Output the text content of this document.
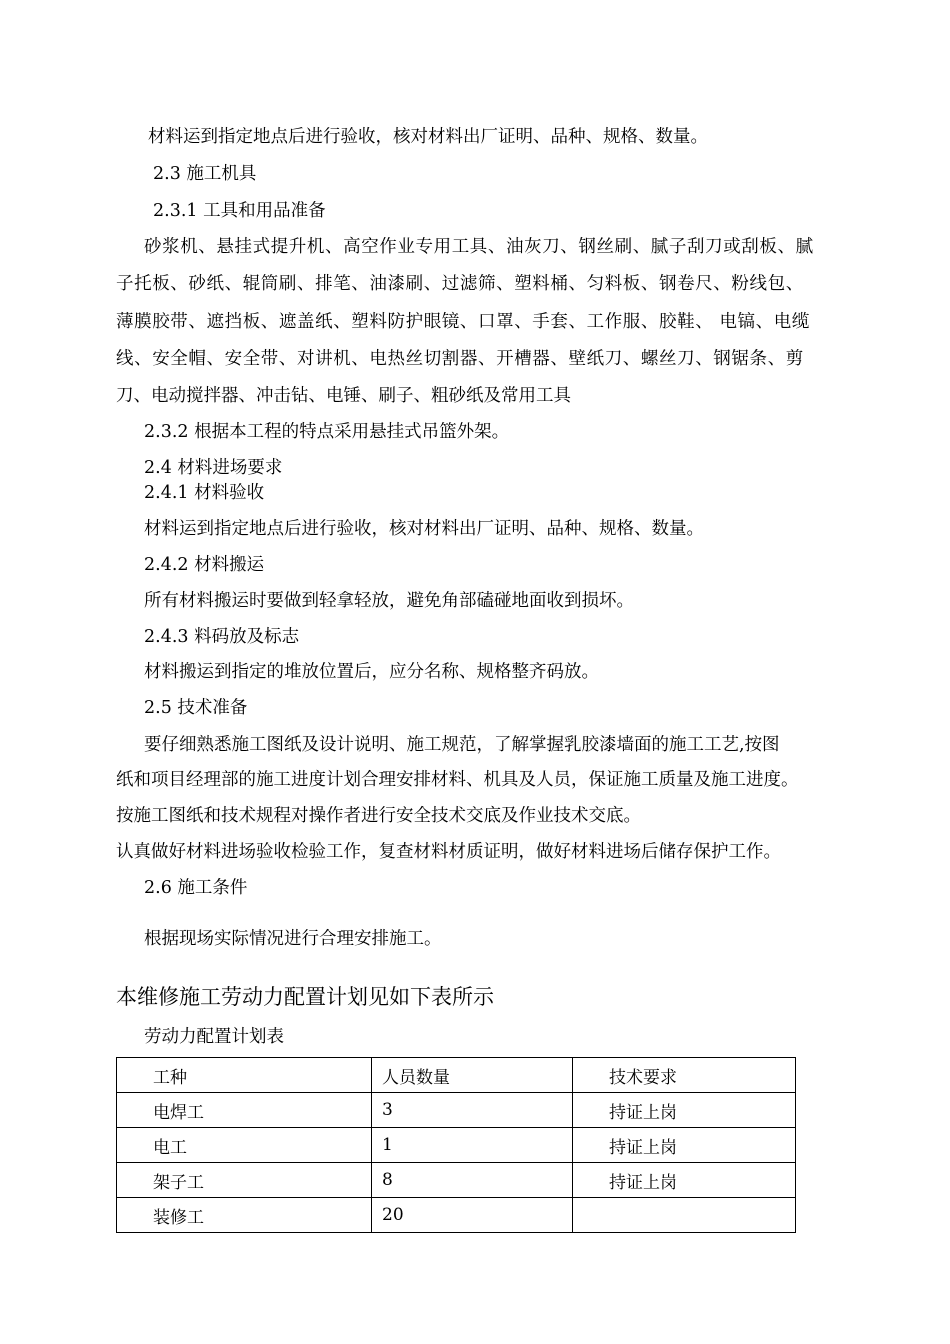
材料运到指定地点后进行验收，核对材料出厂证明、品种、规格、数量。
2.3 施工机具
2.3.1 工具和用品准备
砂浆机、悬挂式提升机、高空作业专用工具、油灰刀、钢丝刷、腻子刮刀或刮板、腻
子托板、砂纸、辊筒刷、排笔、油漆刷、过滤筛、塑料桶、匀料板、钢卷尺、粉线包、
薄膜胶带、遮挡板、遮盖纸、塑料防护眼镜、口罩、手套、工作服、胶鞋、 电镐、电缆
线、安全帽、安全带、对讲机、电热丝切割器、开槽器、壁纸刀、螺丝刀、钢锯条、剪
刀、电动搅拌器、冲击钻、电锤、刷子、粗砂纸及常用工具
2.3.2 根据本工程的特点采用悬挂式吊篮外架。
2.4 材料进场要求
2.4.1 材料验收
材料运到指定地点后进行验收，核对材料出厂证明、品种、规格、数量。
2.4.2 材料搬运
所有材料搬运时要做到轻拿轻放，避免角部磕碰地面收到损坏。
2.4.3 料码放及标志
材料搬运到指定的堆放位置后，应分名称、规格整齐码放。
2.5 技术准备
要仔细熟悉施工图纸及设计说明、施工规范，了解掌握乳胶漆墙面的施工工艺,按图
纸和项目经理部的施工进度计划合理安排材料、机具及人员，保证施工质量及施工进度。
按施工图纸和技术规程对操作者进行安全技术交底及作业技术交底。
认真做好材料进场验收检验工作，复查材料材质证明，做好材料进场后储存保护工作。
2.6 施工条件
根据现场实际情况进行合理安排施工。
本维修施工劳动力配置计划见如下表所示
劳动力配置计划表
工种	人员数量	技术要求
电焊工	3	持证上岗
电工	1	持证上岗
架子工	8	持证上岗
装修工	20	
